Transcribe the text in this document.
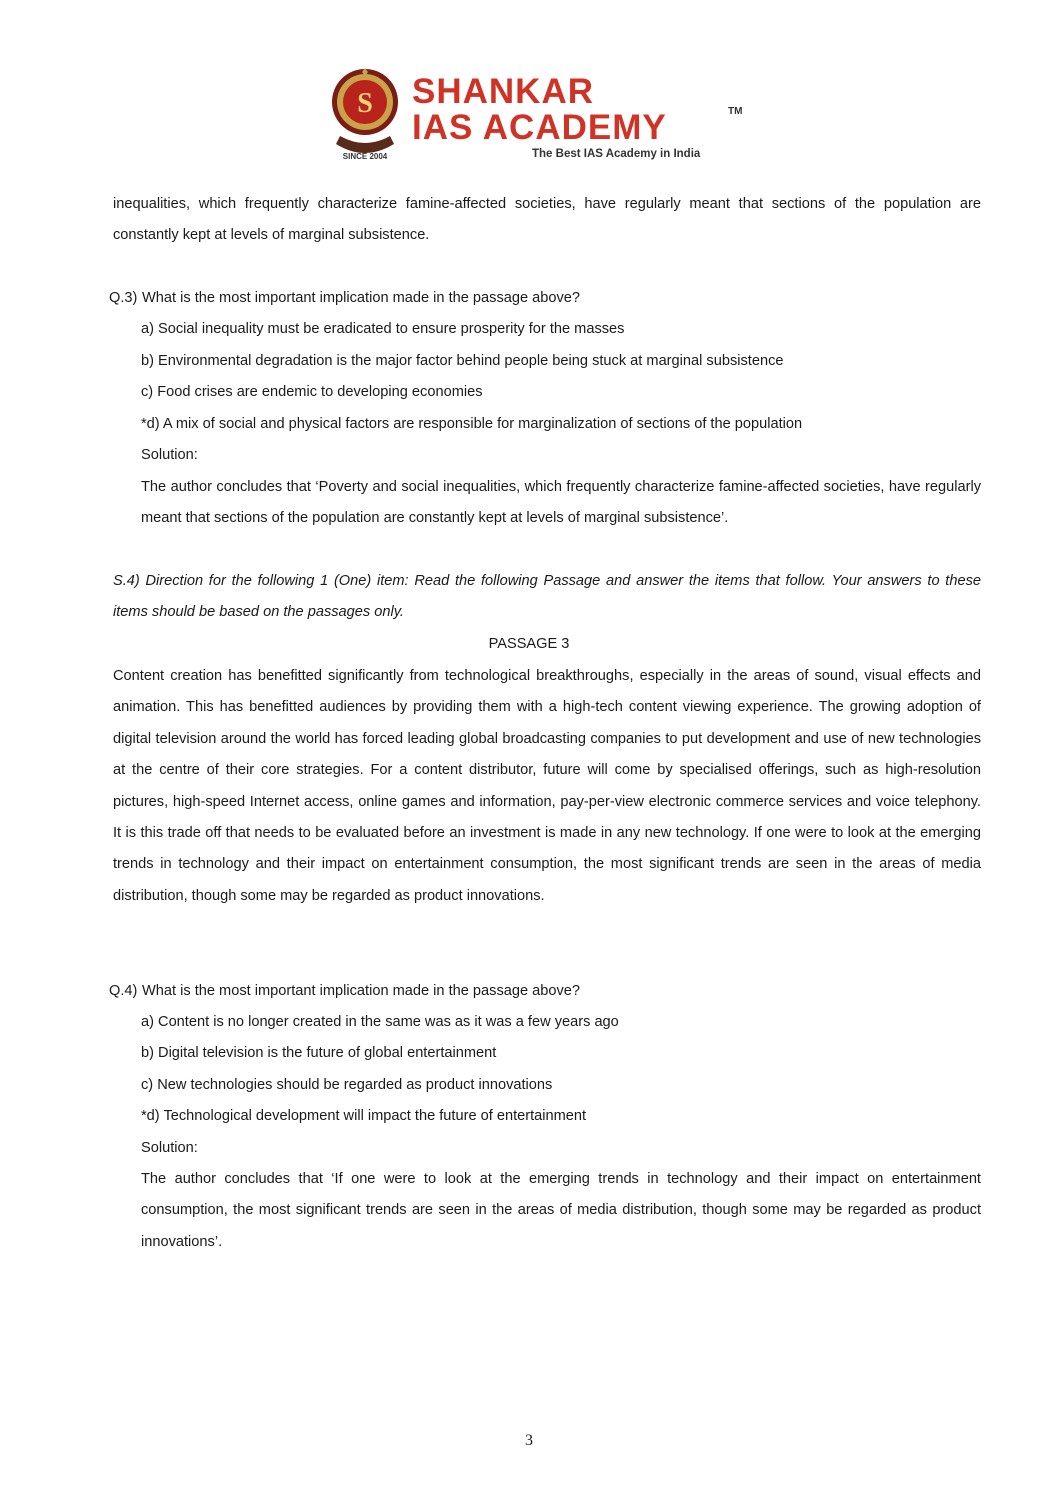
S
SINCE 2004
SHANKAR
IAS ACADEMY	TM
The Best IAS Academy in India

inequalities, which frequently characterize famine-affected societies, have regularly meant that sections of the population are constantly kept at levels of marginal subsistence.

Q.3) What is the most important implication made in the passage above?
a) Social inequality must be eradicated to ensure prosperity for the masses
b) Environmental degradation is the major factor behind people being stuck at marginal subsistence
c) Food crises are endemic to developing economies
*d) A mix of social and physical factors are responsible for marginalization of sections of the population
Solution:

The author concludes that ‘Poverty and social inequalities, which frequently characterize famine-affected societies, have regularly meant that sections of the population are constantly kept at levels of marginal subsistence’.

S.4) Direction for the following 1 (One) item: Read the following Passage and answer the items that follow. Your answers to these items should be based on the passages only.

PASSAGE 3

Content creation has benefitted significantly from technological breakthroughs, especially in the areas of sound, visual effects and animation. This has benefitted audiences by providing them with a high-tech content viewing experience. The growing adoption of digital television around the world has forced leading global broadcasting companies to put development and use of new technologies at the centre of their core strategies. For a content distributor, future will come by specialised offerings, such as high-resolution pictures, high-speed Internet access, online games and information, pay-per-view electronic commerce services and voice telephony. It is this trade off that needs to be evaluated before an investment is made in any new technology. If one were to look at the emerging trends in technology and their impact on entertainment consumption, the most significant trends are seen in the areas of media distribution, though some may be regarded as product innovations.

Q.4) What is the most important implication made in the passage above?
a) Content is no longer created in the same was as it was a few years ago
b) Digital television is the future of global entertainment
c) New technologies should be regarded as product innovations
*d) Technological development will impact the future of entertainment
Solution:

The author concludes that ‘If one were to look at the emerging trends in technology and their impact on entertainment consumption, the most significant trends are seen in the areas of media distribution, though some may be regarded as product innovations’.

3
